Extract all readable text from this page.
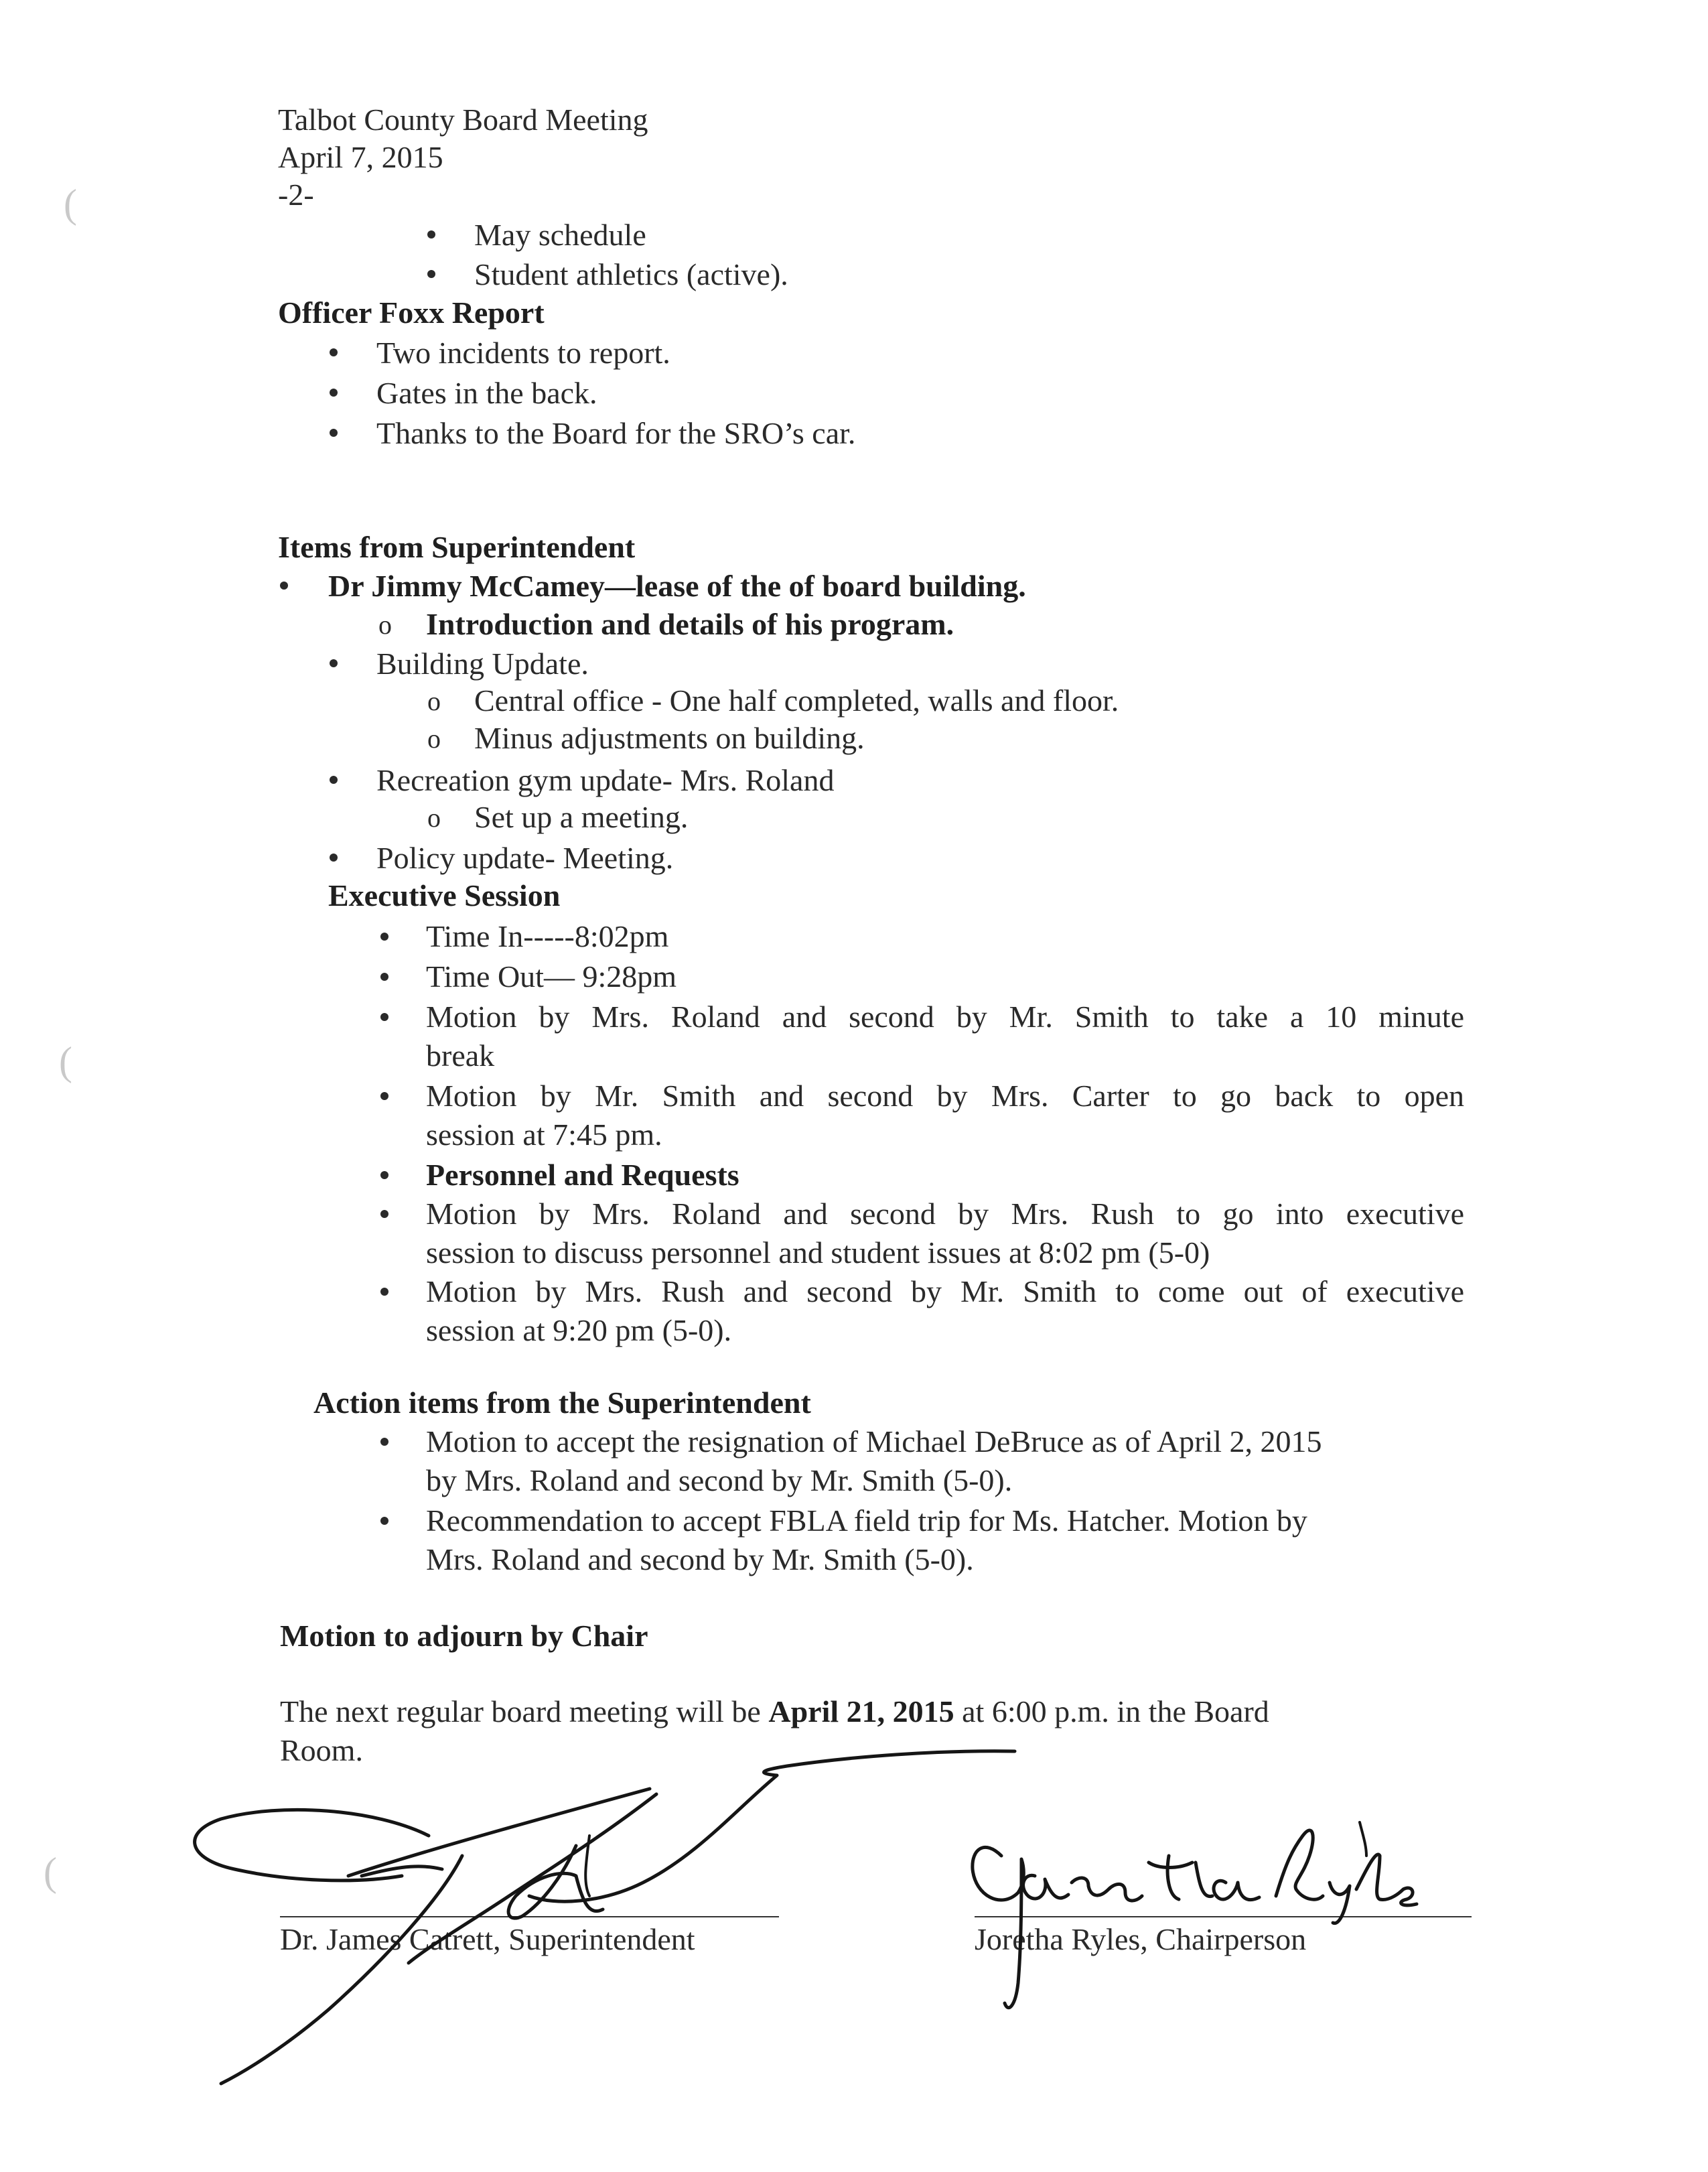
(
(
(
Talbot County Board Meeting
April 7, 2015
-2-
May schedule
Student athletics (active).
Officer Foxx Report
Two incidents to report.
Gates in the back.
Thanks to the Board for the SRO’s car.
Items from Superintendent
Dr Jimmy McCamey—lease of the of board building.
o Introduction and details of his program.
Building Update.
o Central office - One half completed, walls and floor.
o Minus adjustments on building.
Recreation gym update- Mrs. Roland
o Set up a meeting.
Policy update- Meeting.
Executive Session
Time In-----8:02pm
Time Out— 9:28pm
Motion by Mrs. Roland and second by Mr. Smith to take a 10 minute
break
Motion by Mr. Smith and second by Mrs. Carter to go back to open
session at 7:45 pm.
Personnel and Requests
Motion by Mrs. Roland and second by Mrs. Rush to go into executive
session to discuss personnel and student issues at 8:02 pm (5-0)
Motion by Mrs. Rush and second by Mr. Smith to come out of executive
session at 9:20 pm (5-0).
Action items from the Superintendent
Motion to accept the resignation of Michael DeBruce as of April 2, 2015
by Mrs. Roland and second by Mr. Smith (5-0).
Recommendation to accept FBLA field trip for Ms. Hatcher. Motion by
Mrs. Roland and second by Mr. Smith (5-0).
Motion to adjourn by Chair
The next regular board meeting will be April 21, 2015 at 6:00 p.m. in the Board
Room.
Dr. James Catrett, Superintendent	Joretha Ryles, Chairperson
